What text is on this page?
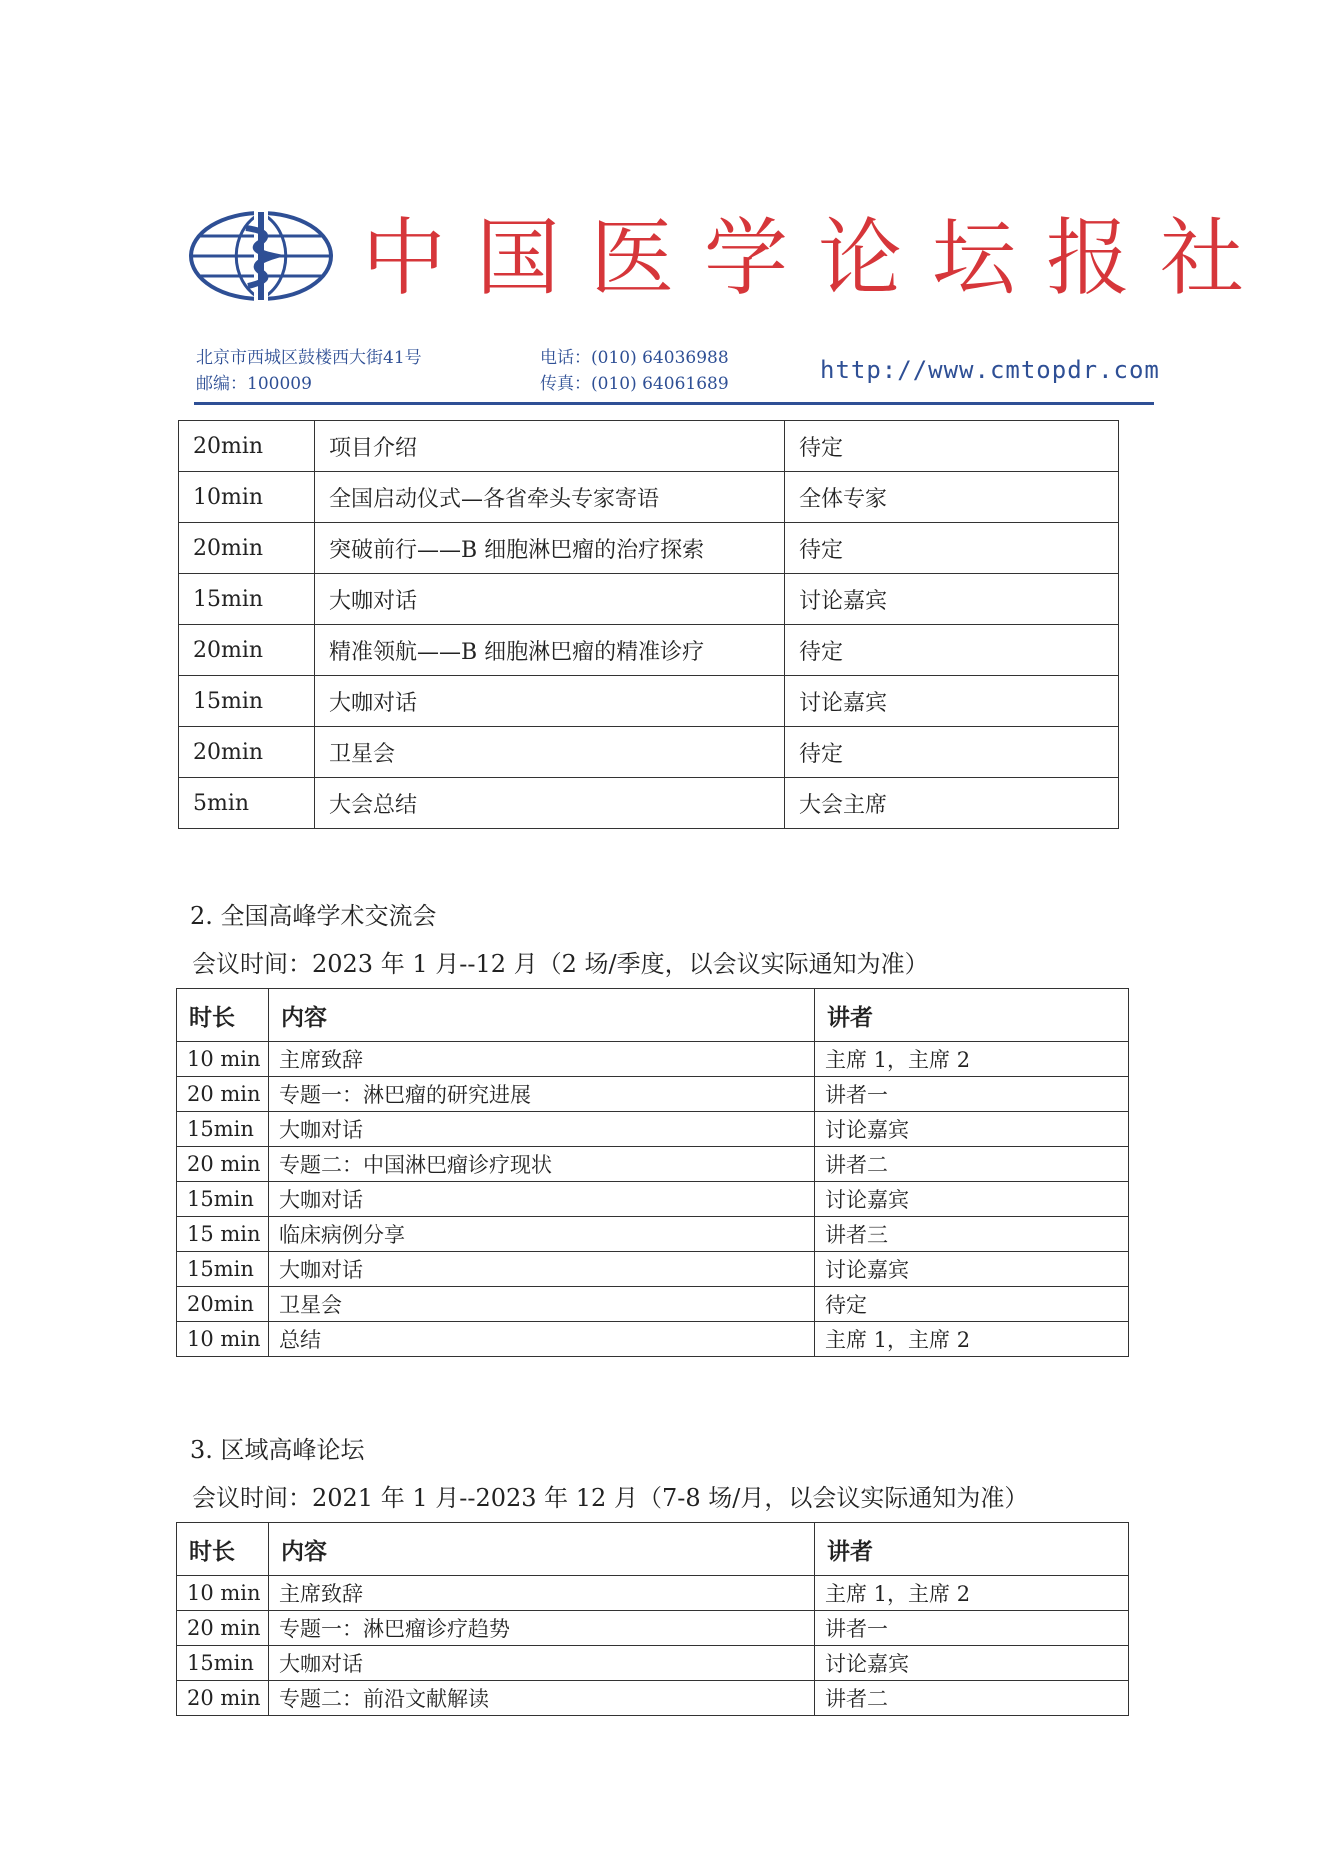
中国医学论坛报社
北京市西城区鼓楼西大街41号
邮编：100009
电话：(010) 64036988
传真：(010) 64061689	http://www.cmtopdr.com
20min	项目介绍	待定
10min	全国启动仪式—各省牵头专家寄语	全体专家
20min	突破前行——B 细胞淋巴瘤的治疗探索	待定
15min	大咖对话	讨论嘉宾
20min	精准领航——B 细胞淋巴瘤的精准诊疗	待定
15min	大咖对话	讨论嘉宾
20min	卫星会	待定
5min	大会总结	大会主席
2. 全国高峰学术交流会
会议时间：2023 年 1 月--12 月（2 场/季度，以会议实际通知为准）
时长	内容	讲者
10 min	主席致辞	主席 1，主席 2
20 min	专题一：淋巴瘤的研究进展	讲者一
15min	大咖对话	讨论嘉宾
20 min	专题二：中国淋巴瘤诊疗现状	讲者二
15min	大咖对话	讨论嘉宾
15 min	临床病例分享	讲者三
15min	大咖对话	讨论嘉宾
20min	卫星会	待定
10 min	总结	主席 1，主席 2
3. 区域高峰论坛
会议时间：2021 年 1 月--2023 年 12 月（7-8 场/月，以会议实际通知为准）
时长	内容	讲者
10 min	主席致辞	主席 1，主席 2
20 min	专题一：淋巴瘤诊疗趋势	讲者一
15min	大咖对话	讨论嘉宾
20 min	专题二：前沿文献解读	讲者二
